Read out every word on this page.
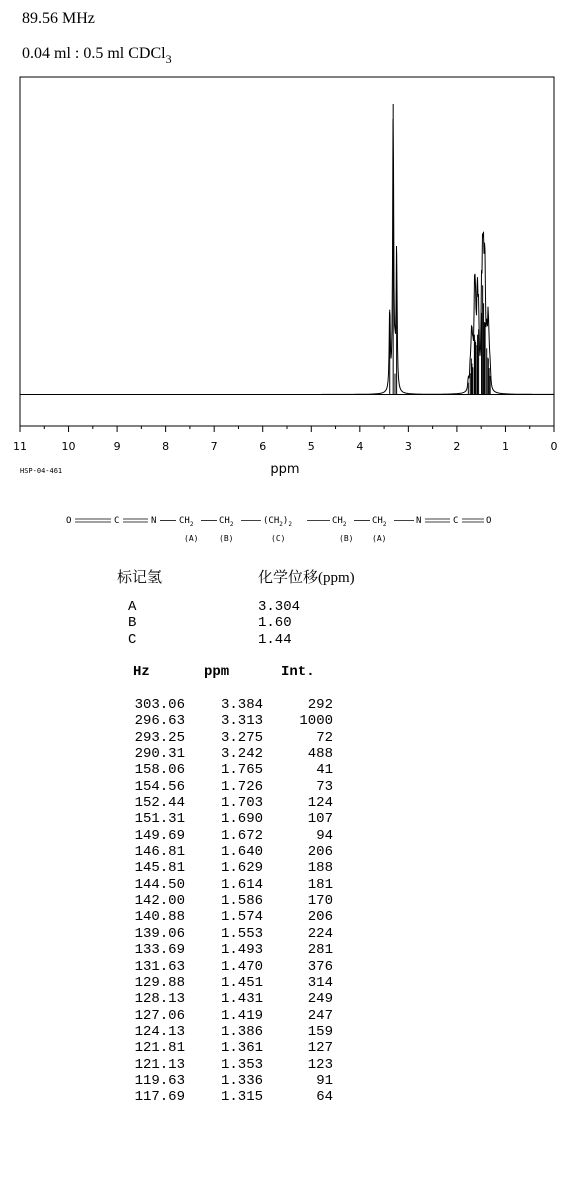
89.56 MHz
0.04 ml : 0.5 ml CDCl$_3$
11	10	9	8	7	6	5	4	3	2	1	0
ppm
HSP-04-461
O	C	N	$CH_2$	$CH_2$	$(CH_2)_2$	$CH_2$	$CH_2$	N	C	O
(A)	(B)	(C)	(B) (A)
标记氢	化学位移(ppm)
A	3.304
B	1.60
C	1.44
Hz	ppm	Int.
303.06	3.384	292
296.63	3.313	1000
293.25	3.275	72
290.31	3.242	488
158.06	1.765	41
154.56	1.726	73
152.44	1.703	124
151.31	1.690	107
149.69	1.672	94
146.81	1.640	206
145.81	1.629	188
144.50	1.614	181
142.00	1.586	170
140.88	1.574	206
139.06	1.553	224
133.69	1.493	281
131.63	1.470	376
129.88	1.451	314
128.13	1.431	249
127.06	1.419	247
124.13	1.386	159
121.81	1.361	127
121.13	1.353	123
119.63	1.336	91
117.69	1.315	64
